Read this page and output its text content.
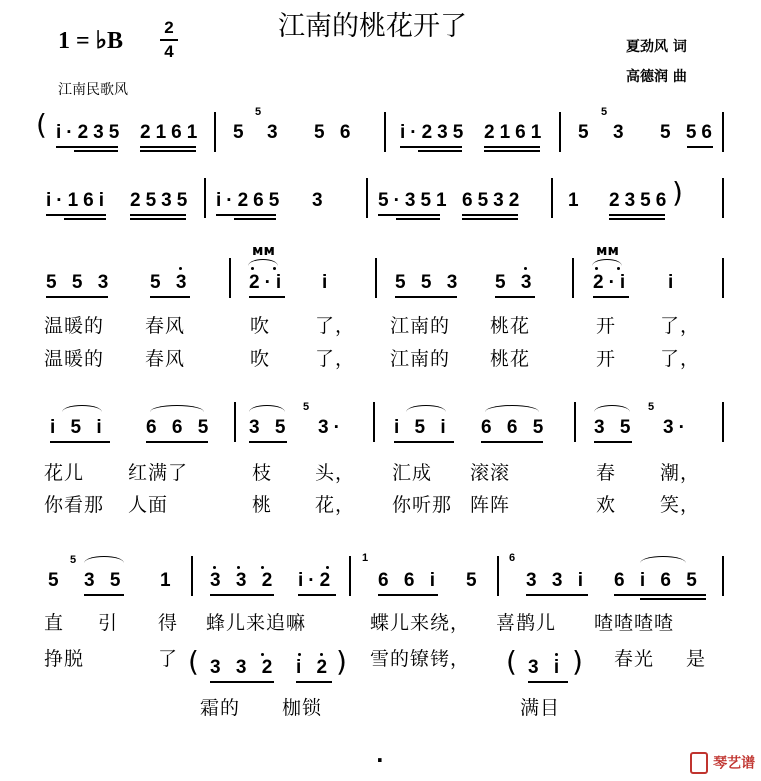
1 = ♭B
2
4
江南的桃花开了
夏劲风 词
高德润 曲
江南民歌风
( i·235 2161 5
5
3 5 6 i·235 2161 5
5
3 5 56
i·16i 2535 i·265 3	5·351 6532 1 2356 )
5 5 3 5 3
ᴍᴍ
2·i i	5 5 3 5 3
ᴍᴍ
2·i i
温暖的 春风	吹 了， 江南的 桃花	开 了，
温暖的 春风	吹 了， 江南的 桃花	开 了，
i 5 i 6 6 5 3 5
5
3·	i 5 i 6 6 5 3 5
5
3·
花儿 红满了	枝 头， 汇成 滚滚	春 潮，
你看那 人面	桃 花， 你听那 阵阵	欢 笑，
5
5
3 5 1 3 3 2 i·2
1
6 6 i 5
6
3 3 i 6 i 6 5
直 引 得 蜂儿来追嘛	蝶儿来绕， 喜鹊儿 喳喳喳喳
挣脱	了	雪的镣铐，	春光 是
( 3 3 2 i 2 )	( 3 i )
霜的 枷锁	满目
·	琴艺谱
